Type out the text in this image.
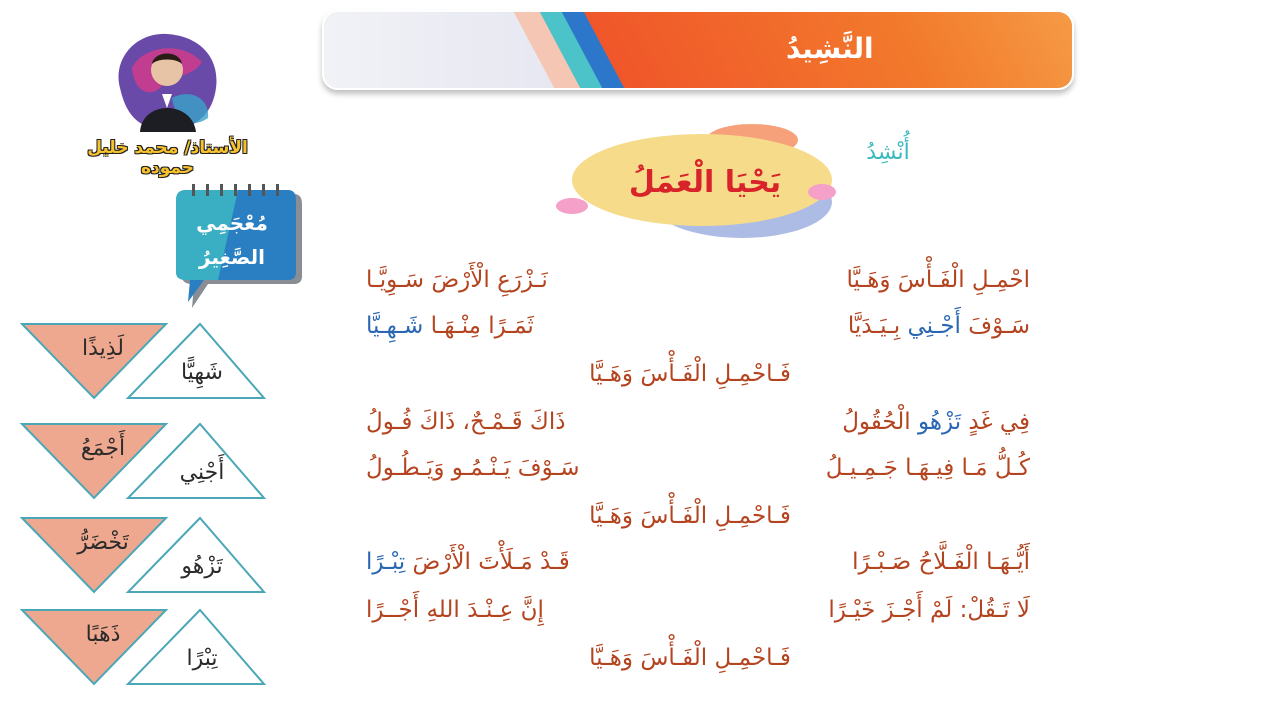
النَّشِيدُ
الأستاذ/ محمد خليل حموده	يَحْيَا الْعَمَلُ
أُنْشِدُ
مُعْجَمِي
الصَّغِيرُ
لَذِيذًا
شَهِيًّا
أَجْمَعُ
أَجْنِي
تَخْضَرُّ
تَزْهُو
ذَهَبًا
تِبْرًا
احْمِـلِ الْفَـأْسَ وَهَـيَّا
نَـزْرَعِ الْأَرْضَ سَـوِيَّـا
سَـوْفَ أَجْـنِي بِـيَـدَيَّا
ثَمَـرًا مِنْـهَـا شَـهِـيَّا
فَـاحْمِـلِ الْفَـأْسَ وَهَـيَّا
فِي غَدٍ تَزْهُو الْحُقُولُ
ذَاكَ قَـمْـحٌ، ذَاكَ فُـولُ
كُـلُّ مَـا فِيـهَـا جَـمِـيـلُ
سَـوْفَ يَـنْـمُـو وَيَـطُـولُ
فَـاحْمِـلِ الْفَـأْسَ وَهَـيَّا
أَيُّـهَـا الْفَـلَّاحُ صَـبْـرًا
قَـدْ مَـلَأْتَ الْأَرْضَ تِبْـرًا
لَا تَـقُلْ: لَمْ أَجْـزَ خَيْـرًا
إِنَّ عِـنْـدَ اللهِ أَجْــرًا
فَـاحْمِـلِ الْفَـأْسَ وَهَـيَّا
